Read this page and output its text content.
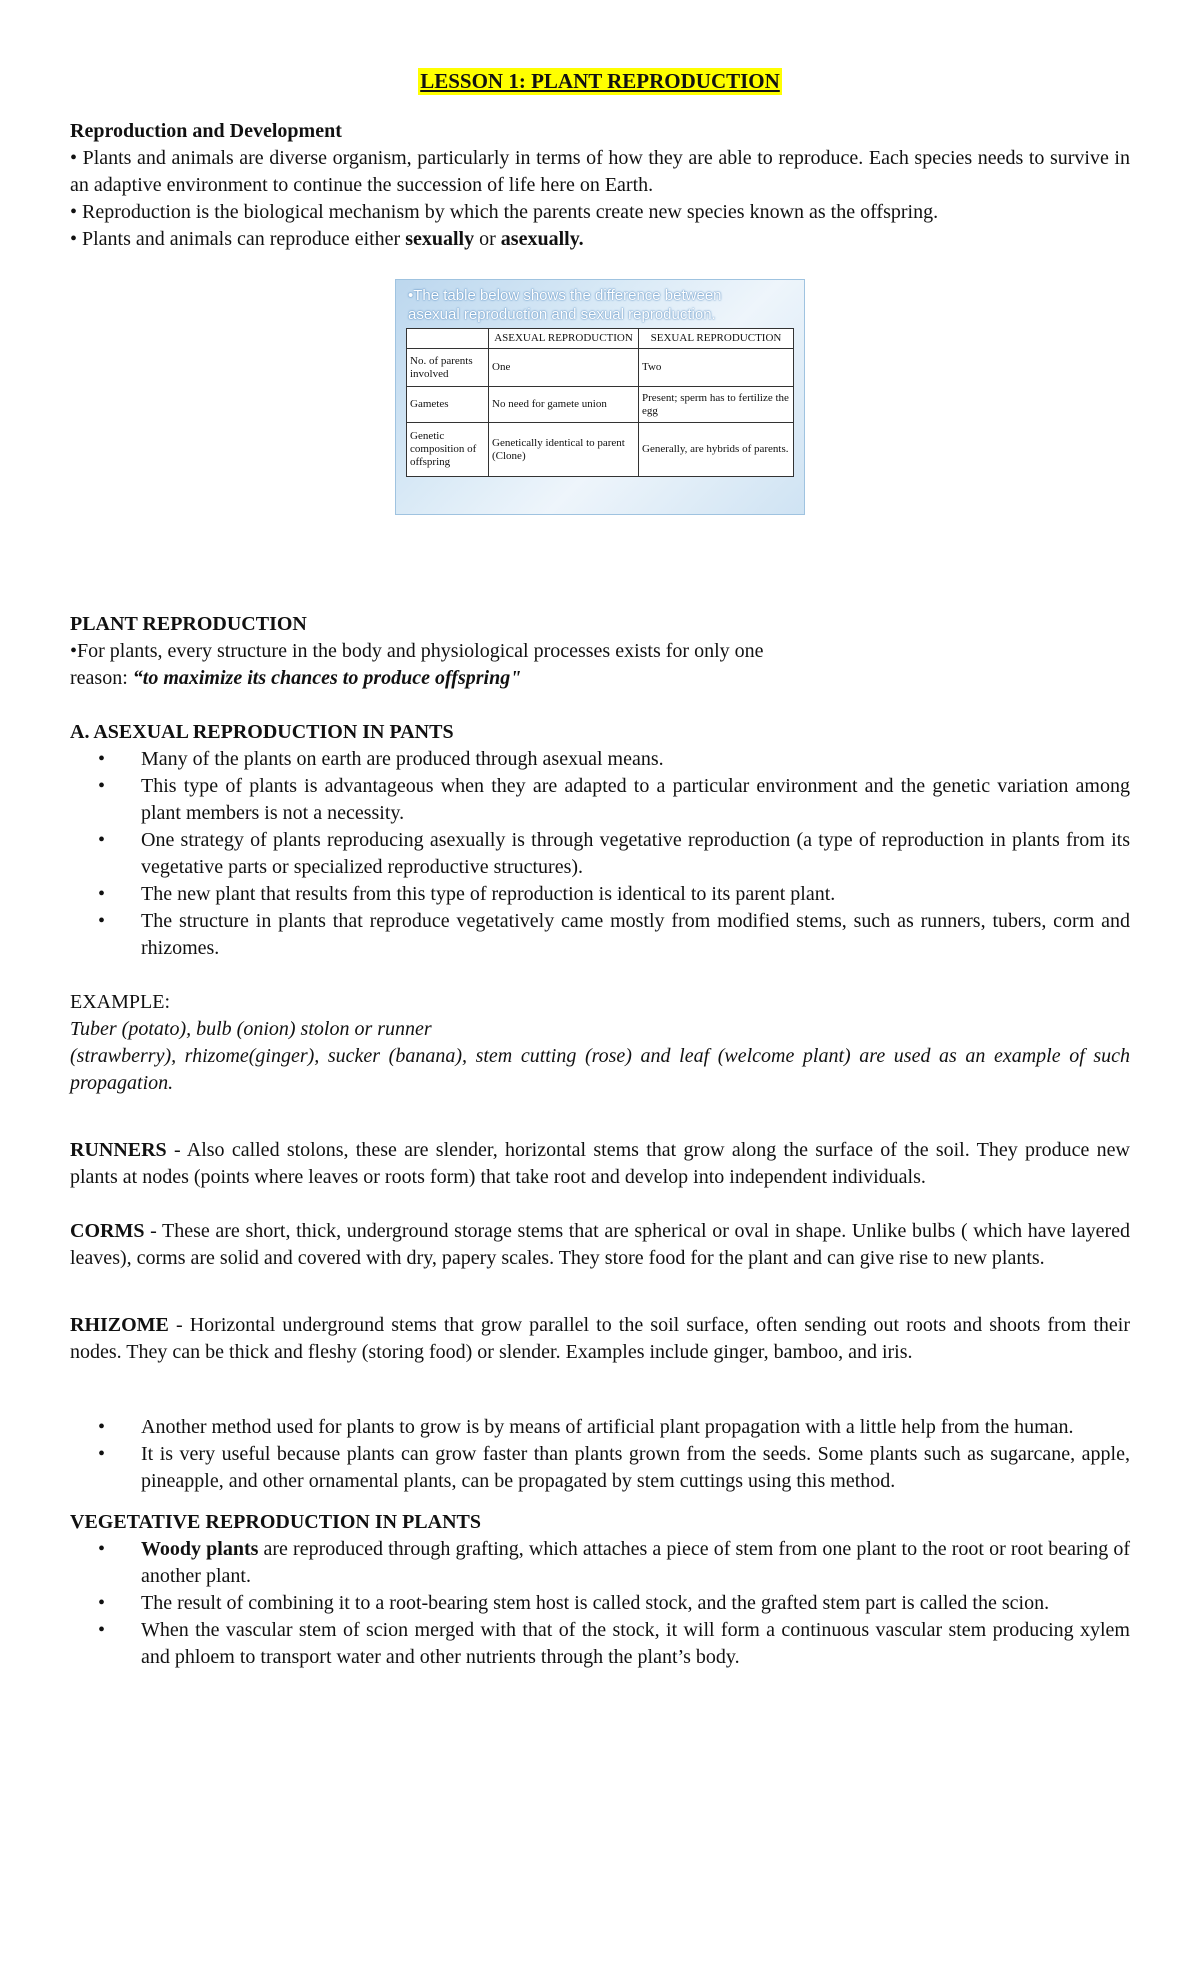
LESSON 1: PLANT REPRODUCTION
Reproduction and Development

• Plants and animals are diverse organism, particularly in terms of how they are able to reproduce. Each species needs to survive in an adaptive environment to continue the succession of life here on Earth.

• Reproduction is the biological mechanism by which the parents create new species known as the offspring.

• Plants and animals can reproduce either sexually or asexually.

•The table below shows the difference between
asexual reproduction and sexual reproduction.
	ASEXUAL REPRODUCTION	SEXUAL REPRODUCTION
No. of parents involved	One	Two
Gametes	No need for gamete union	Present; sperm has to fertilize the egg
Genetic composition of offspring	Genetically identical to parent (Clone)	Generally, are hybrids of parents.
PLANT REPRODUCTION
•For plants, every structure in the body and physiological processes exists for only one
reason: “to maximize its chances to produce offspring"
A. ASEXUAL REPRODUCTION IN PANTS
• Many of the plants on earth are produced through asexual means.
• This type of plants is advantageous when they are adapted to a particular environment and the genetic variation among plant members is not a necessity.
• One strategy of plants reproducing asexually is through vegetative reproduction (a type of reproduction in plants from its vegetative parts or specialized reproductive structures).
• The new plant that results from this type of reproduction is identical to its parent plant.
• The structure in plants that reproduce vegetatively came mostly from modified stems, such as runners, tubers, corm and rhizomes.
EXAMPLE:

Tuber (potato), bulb (onion) stolon or runner

(strawberry), rhizome(ginger), sucker (banana), stem cutting (rose) and leaf (welcome plant) are used as an example of such propagation.

RUNNERS - Also called stolons, these are slender, horizontal stems that grow along the surface of the soil. They produce new plants at nodes (points where leaves or roots form) that take root and develop into independent individuals.

CORMS - These are short, thick, underground storage stems that are spherical or oval in shape. Unlike bulbs ( which have layered leaves), corms are solid and covered with dry, papery scales. They store food for the plant and can give rise to new plants.

RHIZOME - Horizontal underground stems that grow parallel to the soil surface, often sending out roots and shoots from their nodes. They can be thick and fleshy (storing food) or slender. Examples include ginger, bamboo, and iris.

• Another method used for plants to grow is by means of artificial plant propagation with a little help from the human.
• It is very useful because plants can grow faster than plants grown from the seeds. Some plants such as sugarcane, apple, pineapple, and other ornamental plants, can be propagated by stem cuttings using this method.
VEGETATIVE REPRODUCTION IN PLANTS
• Woody plants are reproduced through grafting, which attaches a piece of stem from one plant to the root or root bearing of another plant.
• The result of combining it to a root-bearing stem host is called stock, and the grafted stem part is called the scion.
• When the vascular stem of scion merged with that of the stock, it will form a continuous vascular stem producing xylem and phloem to transport water and other nutrients through the plant’s body.
